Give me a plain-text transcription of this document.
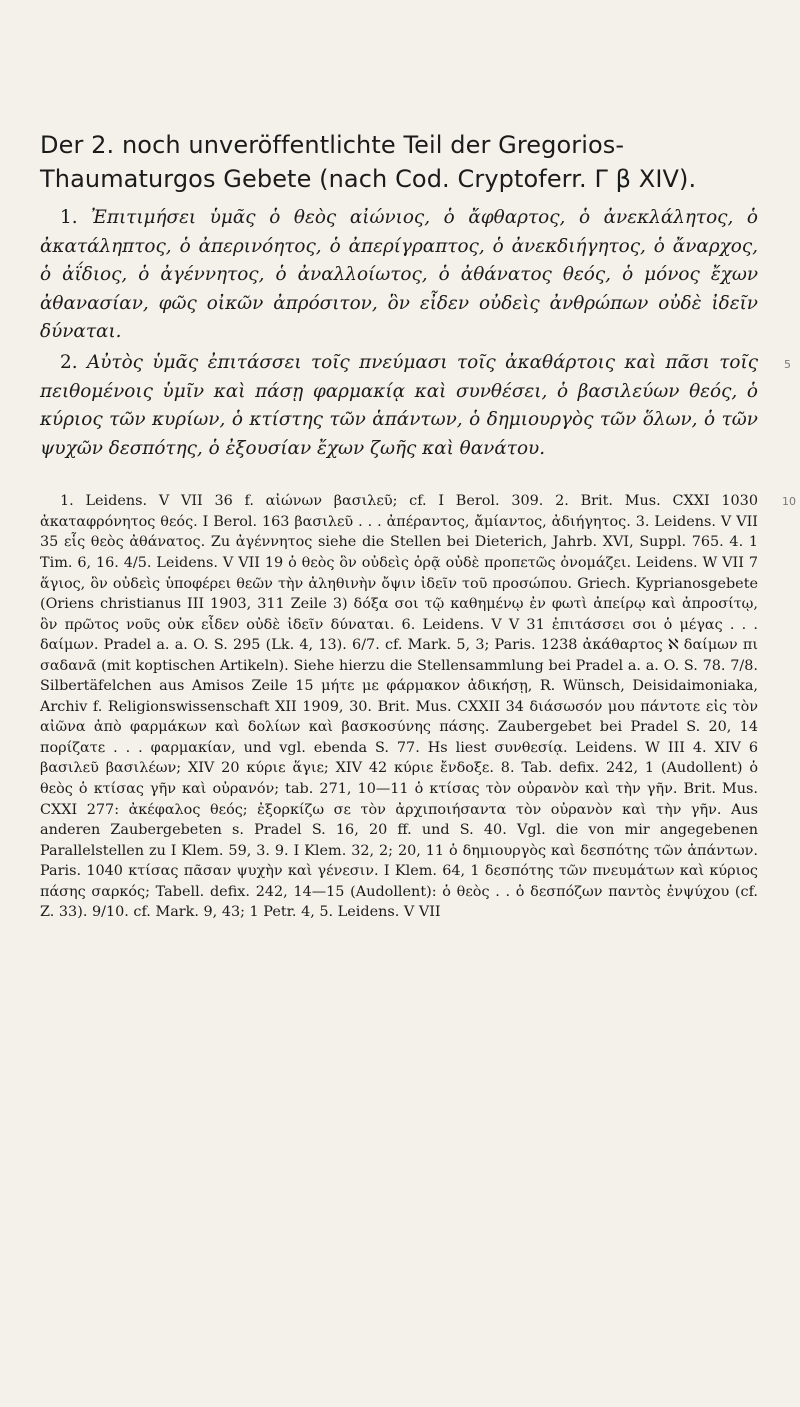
Der 2. noch unveröffentlichte Teil der Gregorios-Thaumaturgos Gebete (nach Cod. Cryptoferr. Γ β XIV).

1. Ἐπιτιμήσει ὑμᾶς ὁ θεὸς αἰώνιος, ὁ ἄφθαρτος, ὁ ἀνεκλάλητος, ὁ ἀκατάληπτος, ὁ ἀπερινόητος, ὁ ἀπερίγραπτος, ὁ ἀνεκδιήγητος, ὁ ἄναρχος, ὁ ἀΐδιος, ὁ ἀγέννητος, ὁ ἀναλλοίωτος, ὁ ἀθάνατος θεός, ὁ μόνος ἔχων ἀθανασίαν, φῶς οἰκῶν ἀπρόσιτον, ὃν εἶδεν οὐδεὶς ἀνθρώπων οὐδὲ ἰδεῖν δύναται.

2. Αὐτὸς ὑμᾶς ἐπιτάσσει τοῖς πνεύμασι τοῖς ἀκαθάρτοις καὶ πᾶσι τοῖς πειθομένοις ὑμῖν καὶ πάσῃ φαρμακίᾳ καὶ συνθέσει, ὁ βασιλεύων θεός, ὁ κύριος τῶν κυρίων, ὁ κτίστης τῶν ἁπάντων, ὁ δημιουργὸς τῶν ὅλων, ὁ τῶν ψυχῶν δεσπότης, ὁ ἐξουσίαν ἔχων ζωῆς καὶ θανάτου.

1. Leidens. V VII 36 f. αἰώνων βασιλεῦ; cf. I Berol. 309. 2. Brit. Mus. CXXI 1030 ἀκαταφρόνητος θεός. I Berol. 163 βασιλεῦ . . . ἀπέραντος, ἄμίαντος, ἀδιήγητος. 3. Leidens. V VII 35 εἷς θεὸς ἀθάνατος. Zu ἀγέννητος siehe die Stellen bei Dieterich, Jahrb. XVI, Suppl. 765. 4. 1 Tim. 6, 16. 4/5. Leidens. V VII 19 ὁ θεὸς ὃν οὐδεὶς ὁρᾷ οὐδὲ προπετῶς ὀνομάζει. Leidens. W VII 7 ἅγιος, ὃν οὐδεὶς ὑποφέρει θεῶν τὴν ἀληθινὴν ὄψιν ἰδεῖν τοῦ προσώπου. Griech. Kyprianosgebete (Oriens christianus III 1903, 311 Zeile 3) δόξα σοι τῷ καθημένῳ ἐν φωτὶ ἀπείρῳ καὶ ἀπροσίτῳ, ὃν πρῶτος νοῦς οὐκ εἶδεν οὐδὲ ἰδεῖν δύναται. 6. Leidens. V V 31 ἐπιτάσσει σοι ὁ μέγας . . . δαίμων. Pradel a. a. O. S. 295 (Lk. 4, 13). 6/7. cf. Mark. 5, 3; Paris. 1238 ἀκάθαρτος ℵ δαίμων πι σαδανᾶ (mit koptischen Artikeln). Siehe hierzu die Stellensammlung bei Pradel a. a. O. S. 78. 7/8. Silbertäfelchen aus Amisos Zeile 15 μήτε με φάρμακον ἀδικήσῃ, R. Wünsch, Deisidaimoniaka, Archiv f. Religionswissenschaft XII 1909, 30. Brit. Mus. CXXII 34 διάσωσόν μου πάντοτε εἰς τὸν αἰῶνα ἀπὸ φαρμάκων καὶ δολίων καὶ βασκοσύνης πάσης. Zaubergebet bei Pradel S. 20, 14 πορίζατε . . . φαρμακίαν, und vgl. ebenda S. 77. Hs liest συνθεσίᾳ. Leidens. W III 4. XIV 6 βασιλεῦ βασιλέων; XIV 20 κύριε ἅγιε; XIV 42 κύριε ἔνδοξε. 8. Tab. defix. 242, 1 (Audollent) ὁ θεὸς ὁ κτίσας γῆν καὶ οὐρανόν; tab. 271, 10—11 ὁ κτίσας τὸν οὐρανὸν καὶ τὴν γῆν. Brit. Mus. CXXI 277: ἀκέφαλος θεός; ἐξορκίζω σε τὸν ἀρχιποιήσαντα τὸν οὐρανὸν καὶ τὴν γῆν. Aus anderen Zaubergebeten s. Pradel S. 16, 20 ff. und S. 40. Vgl. die von mir angegebenen Parallelstellen zu I Klem. 59, 3. 9. I Klem. 32, 2; 20, 11 ὁ δημιουργὸς καὶ δεσπότης τῶν ἁπάντων. Paris. 1040 κτίσας πᾶσαν ψυχὴν καὶ γένεσιν. I Klem. 64, 1 δεσπότης τῶν πνευμάτων καὶ κύριος πάσης σαρκός; Tabell. defix. 242, 14—15 (Audollent): ὁ θεὸς . . ὁ δεσπόζων παντὸς ἐνψύχου (cf. Z. 33). 9/10. cf. Mark. 9, 43; 1 Petr. 4, 5. Leidens. V VII

5
10
